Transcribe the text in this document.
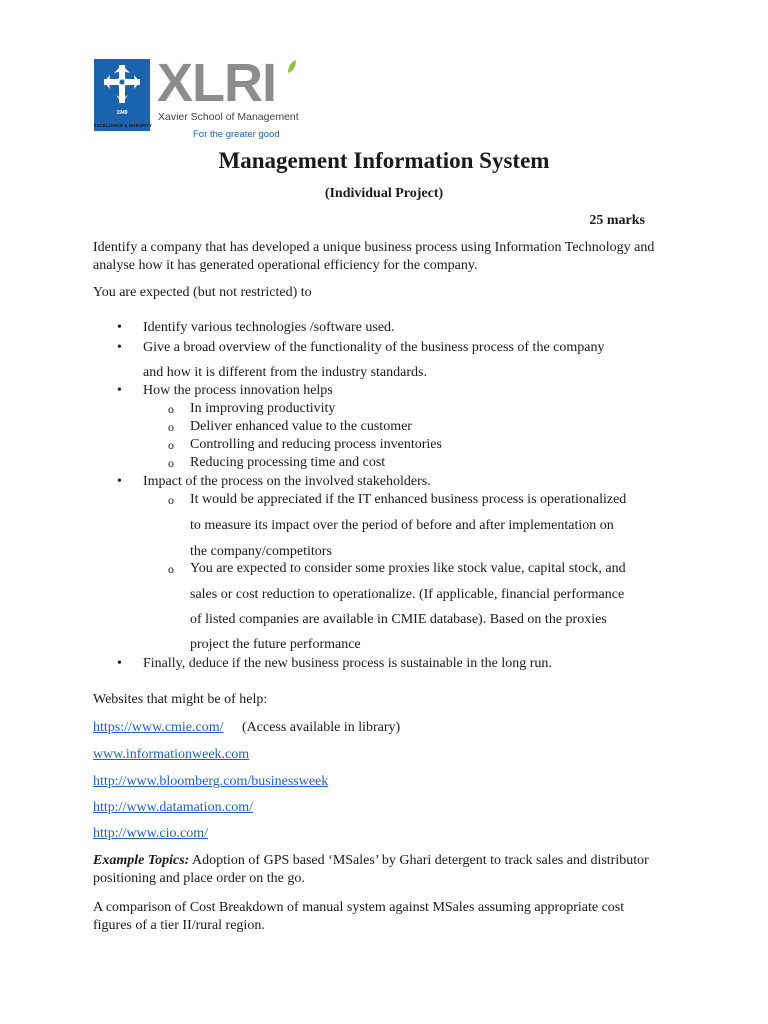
1949
EXCELLENCE & INTEGRITY
XLRI
Xavier School of Management
For the greater good
Management Information System
(Individual Project)
25 marks
Identify a company that has developed a unique business process using Information Technology and analyse how it has generated operational efficiency for the company.
You are expected (but not restricted) to
• Identify various technologies /software used.
• Give a broad overview of the functionality of the business process of the company
and how it is different from the industry standards.
• How the process innovation helps
o In improving productivity
o Deliver enhanced value to the customer
o Controlling and reducing process inventories
o Reducing processing time and cost
• Impact of the process on the involved stakeholders.
o It would be appreciated if the IT enhanced business process is operationalized
to measure its impact over the period of before and after implementation on
the company/competitors
o You are expected to consider some proxies like stock value, capital stock, and
sales or cost reduction to operationalize. (If applicable, financial performance
of listed companies are available in CMIE database). Based on the proxies
project the future performance
• Finally, deduce if the new business process is sustainable in the long run.
Websites that might be of help:
https://www.cmie.com/ (Access available in library)
www.informationweek.com
http://www.bloomberg.com/businessweek
http://www.datamation.com/
http://www.cio.com/
Example Topics: Adoption of GPS based ‘MSales’ by Ghari detergent to track sales and distributor positioning and place order on the go.
A comparison of Cost Breakdown of manual system against MSales assuming appropriate cost figures of a tier II/rural region.
